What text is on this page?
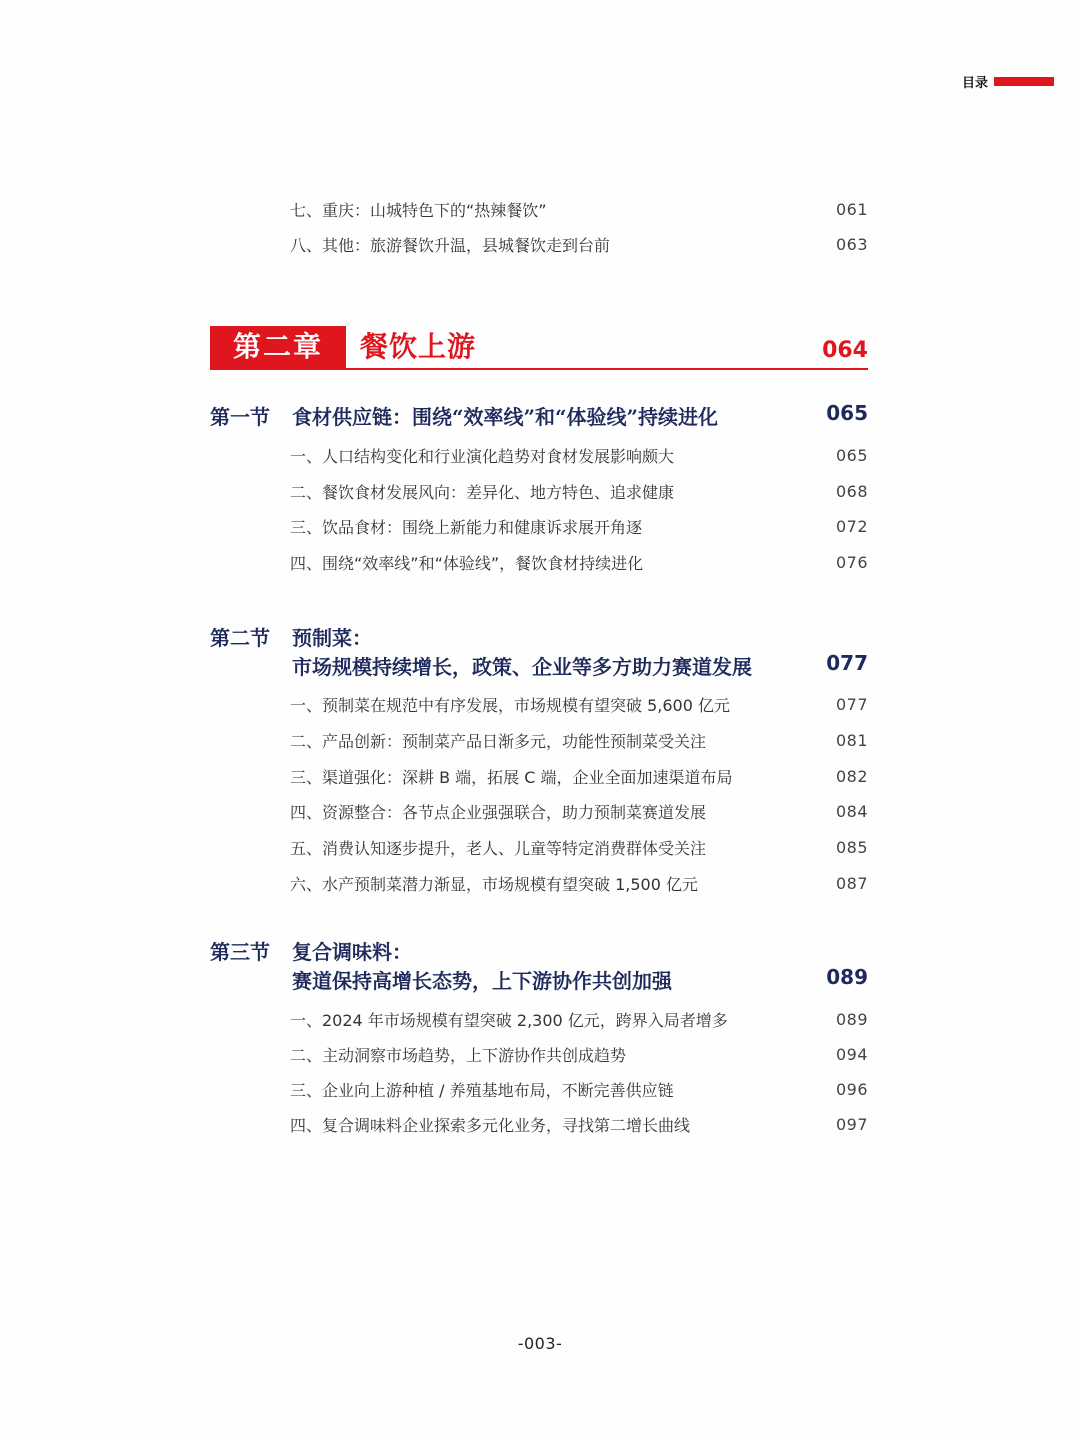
目录
七、重庆：山城特色下的“热辣餐饮”	061
八、其他：旅游餐饮升温，县城餐饮走到台前	063
第二章	餐饮上游	064
第一节 食材供应链：围绕“效率线”和“体验线”持续进化	065
一、人口结构变化和行业演化趋势对食材发展影响颇大	065
二、餐饮食材发展风向：差异化、地方特色、追求健康	068
三、饮品食材：围绕上新能力和健康诉求展开角逐	072
四、围绕“效率线”和“体验线”，餐饮食材持续进化	076
第二节 预制菜：
市场规模持续增长，政策、企业等多方助力赛道发展	077
一、预制菜在规范中有序发展，市场规模有望突破 5,600 亿元	077
二、产品创新：预制菜产品日渐多元，功能性预制菜受关注	081
三、渠道强化：深耕 B 端，拓展 C 端，企业全面加速渠道布局	082
四、资源整合：各节点企业强强联合，助力预制菜赛道发展	084
五、消费认知逐步提升，老人、儿童等特定消费群体受关注	085
六、水产预制菜潜力渐显，市场规模有望突破 1,500 亿元	087
第三节 复合调味料：
赛道保持高增长态势，上下游协作共创加强	089
一、2024 年市场规模有望突破 2,300 亿元，跨界入局者增多	089
二、主动洞察市场趋势，上下游协作共创成趋势	094
三、企业向上游种植 / 养殖基地布局，不断完善供应链	096
四、复合调味料企业探索多元化业务，寻找第二增长曲线	097
-003-
